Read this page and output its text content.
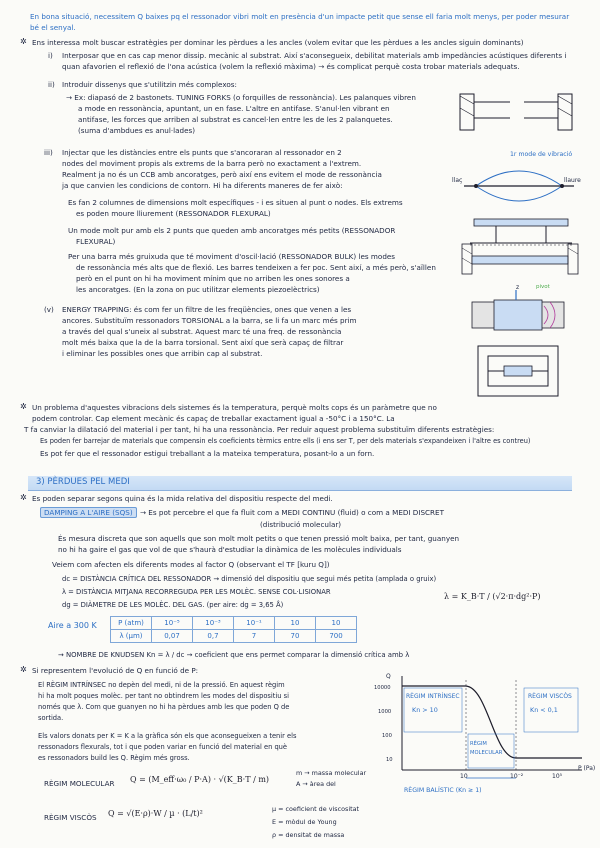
En bona situació, necessitem Q baixes pq el ressonador vibri molt en presència d'un impacte petit que sense ell faria molt menys, per poder mesurar
bé el senyal.
✲ Ens interessa molt buscar estratègies per dominar les pèrdues a les ancles (volem evitar que les pèrdues a les ancles siguin dominants)
i) Interposar que en cas cap menor dissip. mecànic al substrat. Així s'aconsegueix, debilitat materials amb impedàncies acústiques diferents i
quan afavorien el reflexió de l'ona acústica (volem la reflexió màxima) → és complicat perquè costa trobar materials adequats.
ii) Introduir dissenys que s'utilitzin més complexos:
→ Ex: diapasó de 2 bastonets. TUNING FORKS (o forquilles de ressonància). Les palanques vibren
a mode en ressonància, apuntant, un en fase. L'altre en antifase. S'anul·len vibrant en
antifase, les forces que arriben al substrat es cancel·len entre les de les 2 palanquetes.
(suma d'ambdues es anul·lades)
iii) Injectar que les distàncies entre els punts que s'ancoraran al ressonador en 2
nodes del moviment propis als extrems de la barra però no exactament a l'extrem.
Realment ja no és un CCB amb ancoratges, però així ens evitem el mode de ressonància
ja que canvien les condicions de contorn. Hi ha diferents maneres de fer això:
Es fan 2 columnes de dimensions molt específiques - i es situen al punt o nodes. Els extrems
es poden moure lliurement (RESSONADOR FLEXURAL)
Un mode molt pur amb els 2 punts que queden amb ancoratges més petits (RESSONADOR
FLEXURAL)
Per una barra més gruixuda que té moviment d'oscil·lació (RESSONADOR BULK) les modes
de ressonància més alts que de flexió. Les barres tendeixen a fer poc. Sent així, a més però, s'aïllen
però en el punt on hi ha moviment mínim que no arriben les ones sonores a
les ancoratges. (En la zona on puc utilitzar elements piezoelèctrics)
(v) ENERGY TRAPPING: és com fer un filtre de les freqüències, ones que venen a les
ancores. Substituïm ressonadors TORSIONAL a la barra, se li fa un marc més prim
a través del qual s'uneix al substrat. Aquest marc té una freq. de ressonància
molt més baixa que la de la barra torsional. Sent així que serà capaç de filtrar
i eliminar les possibles ones que arribin cap al substrat.
✲ Un problema d'aquestes vibracions dels sistemes és la temperatura, perquè molts cops és un paràmetre que no
podem controlar. Cap element mecànic és capaç de treballar exactament igual a -50°C i a 150°C. La
T fa canviar la dilatació del material i per tant, hi ha una ressonància. Per reduir aquest problema substituïm diferents estratègies:
Es poden fer barrejar de materials que compensin els coeficients tèrmics entre ells (i ens ser T, per dels materials s'expandeixen i l'altre es contreu)
Es pot fer que el ressonador estigui treballant a la mateixa temperatura, posant-lo a un forn.
3) PÈRDUES PEL MEDI
✲ Es poden separar segons quina és la mida relativa del dispositiu respecte del medi.
DAMPING A L'AIRE (SQS)	→ Es pot percebre el que fa fluit com a MEDI CONTINU (fluid) o com a MEDI DISCRET
(distribució molecular)
És mesura discreta que son aquells que son molt molt petits o que tenen pressió molt baixa, per tant, guanyen
no hi ha gaire el gas que vol de que s'haurà d'estudiar la dinàmica de les molècules individuals
Veiem com afecten els diferents modes al factor Q (observant el TF [kuru Q])
dc = DISTÀNCIA CRÍTICA DEL RESSONADOR → dimensió del dispositiu que segui més petita (amplada o gruix)
λ = DISTÀNCIA MITJANA RECORREGUDA PER LES MOLÈC. SENSE COL·LISIONAR
dg = DIÀMETRE DE LES MOLÈC. DEL GAS. (per aire: dg = 3,65 Å)
λ = K_B·T / (√2·π·dg²·P)
Aire a 300 K	P (atm)	10⁻⁵	10⁻³	10⁻¹	10	10
λ (µm)	0,07	0,7	7	70	700
→ NOMBRE DE KNUDSEN Kn = λ / dc → coeficient que ens permet comparar la dimensió crítica amb λ
✲ Si representem l'evolució de Q en funció de P:
El RÈGIM INTRÍNSEC no depèn del medi, ni de la pressió. En aquest règim
hi ha molt poques molèc. per tant no obtindrem les modes del dispositiu si
només que λ. Com que guanyen no hi ha pèrdues amb les que poden Q de
sortida.
Els valors donats per K = K a la gràfica són els que aconsegueixen a tenir els
ressonadors flexurals, tot i que poden variar en funció del material en què
es ressonadors build les Q. Règim més gross.
RÈGIM MOLECULAR Q = (M_eff·ω₀ / P·A) · √(K_B·T / m)
m → massa molecular
A → àrea del
RÈGIM VISCÒS Q = √(E·ρ)·W / µ · (L/t)²	µ = coeficient de viscositat
E = mòdul de Young
ρ = densitat de massa
1r mode de vibració
llaç	llaure
z	pivot
Q
P (Pa)
10000
1000
100
10
10	10⁻²	10⁵
RÈGIM INTRÍNSEC
Kn > 10
RÈGIM VISCÒS
Kn < 0,1
RÈGIM MOLECULAR
RÈGIM BALÍSTIC (Kn ≥ 1)
